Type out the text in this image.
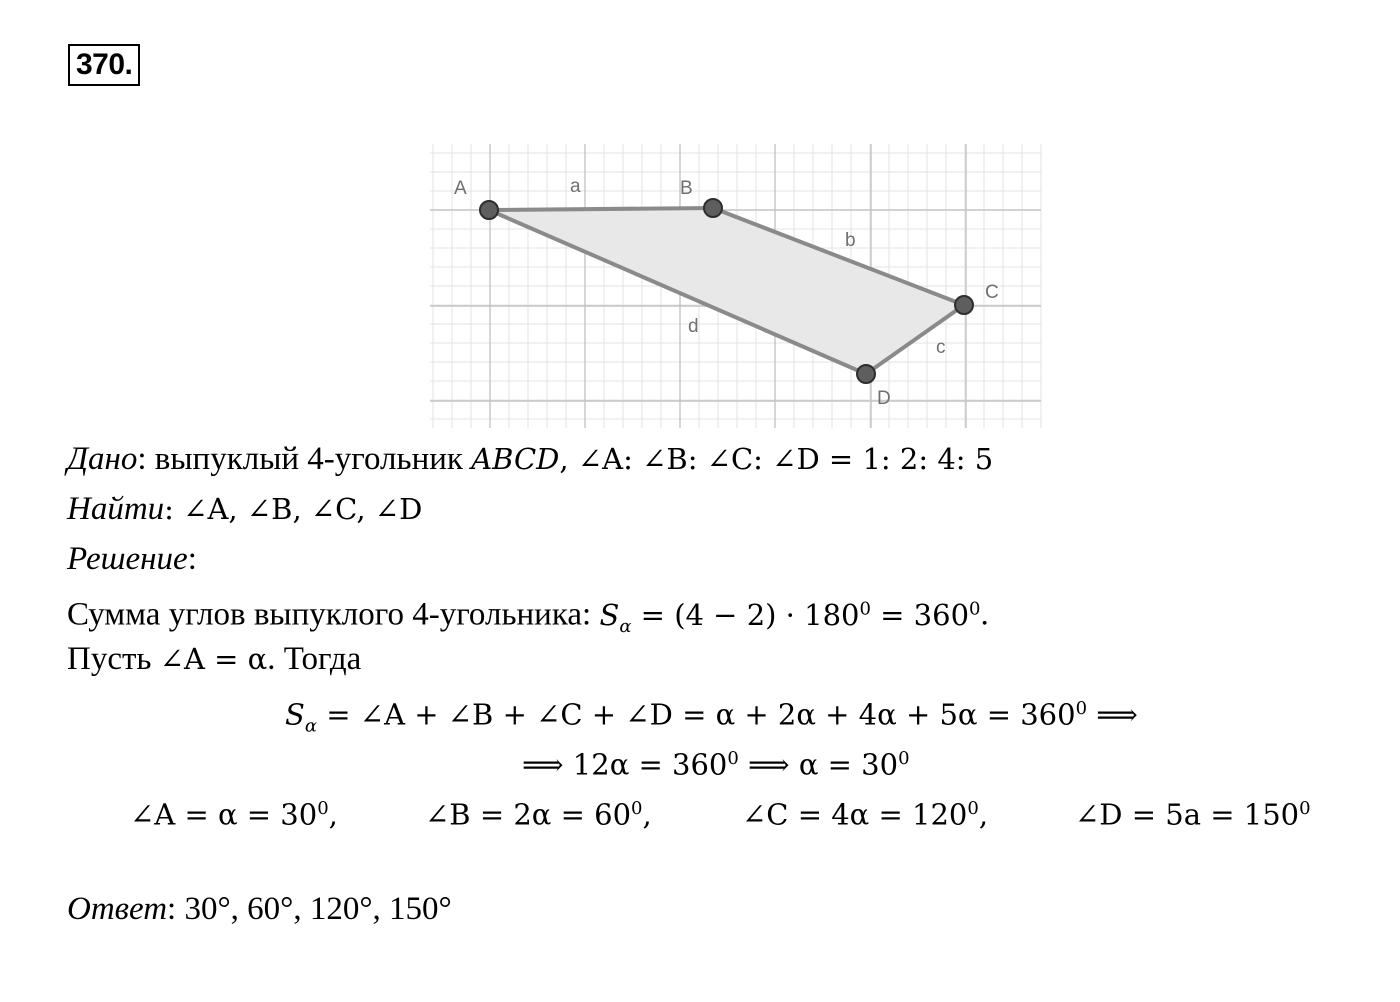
370.
A	B
C
D
a
b
c
d
Дано: выпуклый 4-угольник ABCD, ∠A: ∠B: ∠C: ∠D = 1: 2: 4: 5
Найти: ∠A, ∠B, ∠C, ∠D
Решение:
Сумма углов выпуклого 4-угольника: $S_\alpha = (4 - 2) \cdot 180^0 = 360^0$.
Пусть ∠A = α. Тогда
$S_\alpha$ = ∠A + ∠B + ∠C + ∠D = $\alpha + 2\alpha + 4\alpha + 5\alpha = 360^0$ ⟹
⟹ $12\alpha = 360^0$ ⟹ $\alpha = 30^0$
∠A = $\alpha = 30^0$,	∠B = $2\alpha = 60^0$,	∠C = $4\alpha = 120^0$,	∠D = $5a = 150^0$
Ответ: 30°, 60°, 120°, 150°
